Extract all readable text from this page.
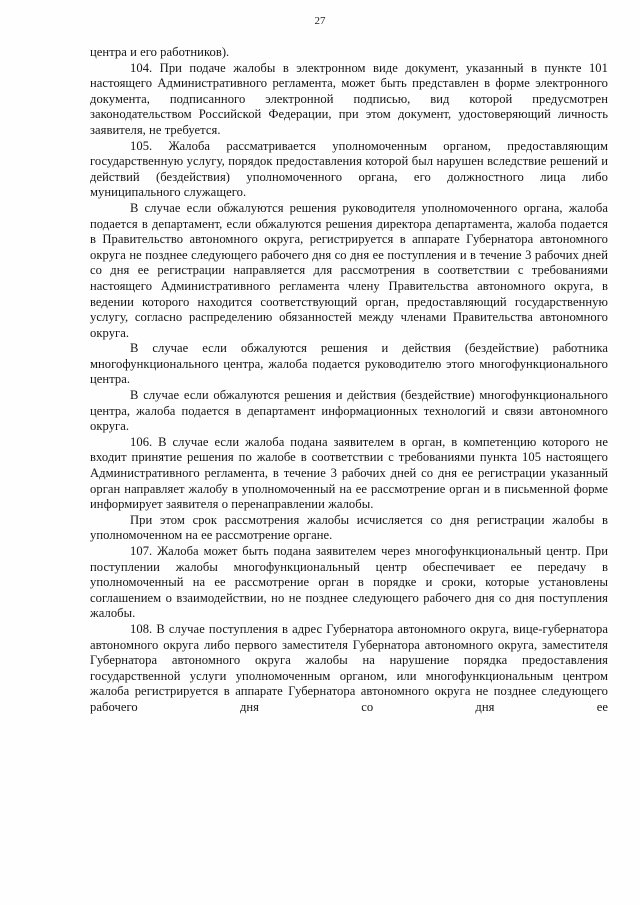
27

центра и его работников).

104. При подаче жалобы в электронном виде документ, указанный в пункте 101 настоящего Административного регламента, может быть представлен в форме электронного документа, подписанного электронной подписью, вид которой предусмотрен законодательством Российской Федерации, при этом документ, удостоверяющий личность заявителя, не требуется.

105. Жалоба рассматривается уполномоченным органом, предоставляющим государственную услугу, порядок предоставления которой был нарушен вследствие решений и действий (бездействия) уполномоченного органа, его должностного лица либо муниципального служащего.

В случае если обжалуются решения руководителя уполномоченного органа, жалоба подается в департамент, если обжалуются решения директора департамента, жалоба подается в Правительство автономного округа, регистрируется в аппарате Губернатора автономного округа не позднее следующего рабочего дня со дня ее поступления и в течение 3 рабочих дней со дня ее регистрации направляется для рассмотрения в соответствии с требованиями настоящего Административного регламента члену Правительства автономного округа, в ведении которого находится соответствующий орган, предоставляющий государственную услугу, согласно распределению обязанностей между членами Правительства автономного округа.

В случае если обжалуются решения и действия (бездействие) работника многофункционального центра, жалоба подается руководителю этого многофункционального центра.

В случае если обжалуются решения и действия (бездействие) многофункционального центра, жалоба подается в департамент информационных технологий и связи автономного округа.

106. В случае если жалоба подана заявителем в орган, в компетенцию которого не входит принятие решения по жалобе в соответствии с требованиями пункта 105 настоящего Административного регламента, в течение 3 рабочих дней со дня ее регистрации указанный орган направляет жалобу в уполномоченный на ее рассмотрение орган и в письменной форме информирует заявителя о перенаправлении жалобы.

При этом срок рассмотрения жалобы исчисляется со дня регистрации жалобы в уполномоченном на ее рассмотрение органе.

107. Жалоба может быть подана заявителем через многофункциональный центр. При поступлении жалобы многофункциональный центр обеспечивает ее передачу в уполномоченный на ее рассмотрение орган в порядке и сроки, которые установлены соглашением о взаимодействии, но не позднее следующего рабочего дня со дня поступления жалобы.

108. В случае поступления в адрес Губернатора автономного округа, вице-губернатора автономного округа либо первого заместителя Губернатора автономного округа, заместителя Губернатора автономного округа жалобы на нарушение порядка предоставления государственной услуги уполномоченным органом, или многофункциональным центром жалоба регистрируется в аппарате Губернатора автономного округа не позднее следующего рабочего дня со дня ее
